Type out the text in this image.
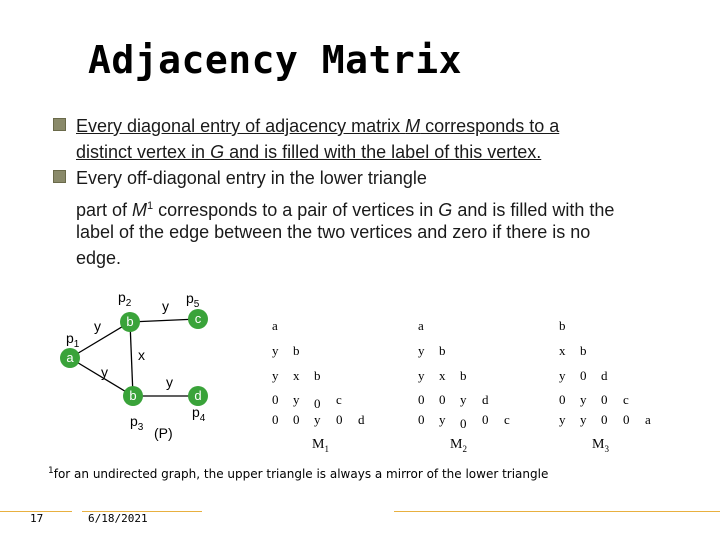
Adjacency Matrix
Every diagonal entry of adjacency matrix M corresponds to a
distinct vertex in G and is filled with the label of this vertex.
Every off-diagonal entry in the lower triangle
part of $M^1$ corresponds to a pair of vertices in G and is filled with the
label of the edge between the two vertices and zero if there is no
edge.
a
b	c
b	d
$p_1$
$p_2$	$p_5$
$p_3$
$p_4$
y
y
x
y
y
(P)
a
y b
y x b
0 y 0 c
0 0 y 0 d
a
y b
y x b
0 0 y d
0 y 0 0 c
b
x b
y 0 d
0 y 0 c
y y 0 0 a
$M_1$	$M_2$	$M_3$
$^1$for an undirected graph, the upper triangle is always a mirror of the lower triangle
17	6/18/2021
